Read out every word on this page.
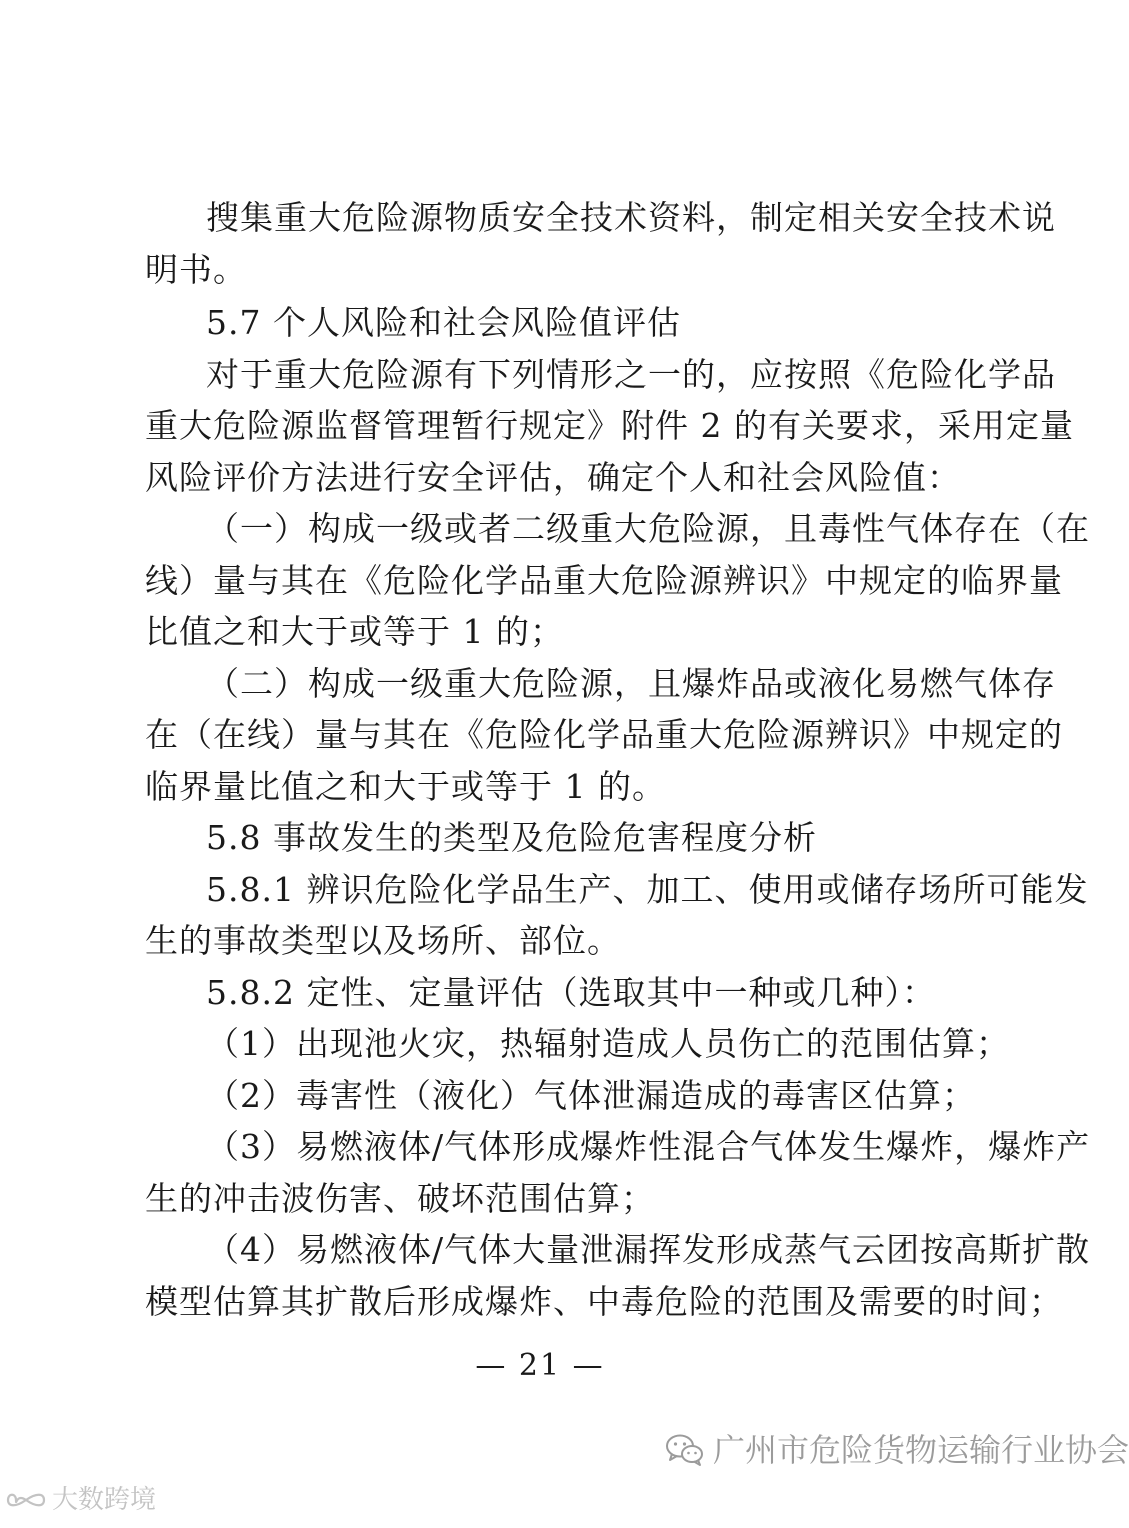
搜集重大危险源物质安全技术资料，制定相关安全技术说
明书。
5.7 个人风险和社会风险值评估
对于重大危险源有下列情形之一的，应按照《危险化学品
重大危险源监督管理暂行规定》附件 2 的有关要求，采用定量
风险评价方法进行安全评估，确定个人和社会风险值：
（一）构成一级或者二级重大危险源，且毒性气体存在（在
线）量与其在《危险化学品重大危险源辨识》中规定的临界量
比值之和大于或等于 1 的；
（二）构成一级重大危险源，且爆炸品或液化易燃气体存
在（在线）量与其在《危险化学品重大危险源辨识》中规定的
临界量比值之和大于或等于 1 的。
5.8 事故发生的类型及危险危害程度分析
5.8.1 辨识危险化学品生产、加工、使用或储存场所可能发
生的事故类型以及场所、部位。
5.8.2 定性、定量评估（选取其中一种或几种）：
（1）出现池火灾，热辐射造成人员伤亡的范围估算；
（2）毒害性（液化）气体泄漏造成的毒害区估算；
（3）易燃液体/气体形成爆炸性混合气体发生爆炸，爆炸产
生的冲击波伤害、破坏范围估算；
（4）易燃液体/气体大量泄漏挥发形成蒸气云团按高斯扩散
模型估算其扩散后形成爆炸、中毒危险的范围及需要的时间；
— 21 —
广州市危险货物运输行业协会
大数跨境
